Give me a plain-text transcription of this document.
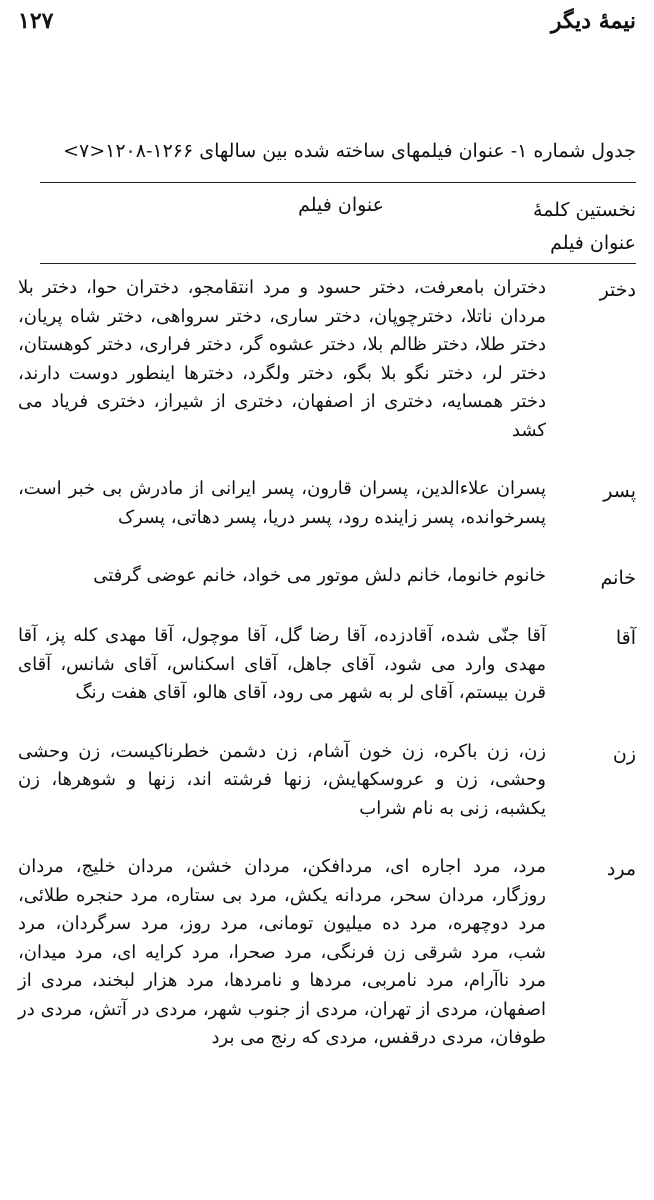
۱۲۷	نیمهٔ دیگر
جدول شماره ۱- عنوان فیلمهای ساخته شده بین سالهای ۱۲۶۶-۱۲۰۸<۷>
نخستین کلمهٔ عنوان فیلم
عنوان فیلم
دختر
دختران بامعرفت، دختر حسود و مرد انتقامجو، دختران حوا، دختر بلا مردان ناتلا، دخترچوپان، دختر ساری، دختر سرواهی، دختر شاه پریان، دختر طلا، دختر ظالم بلا، دختر عشوه گر، دختر فراری، دختر کوهستان، دختر لر، دختر نگو بلا بگو، دختر ولگرد، دخترها اینطور دوست دارند، دختر همسایه، دختری از اصفهان، دختری از شیراز، دختری فریاد می کشد
پسر
پسران علاءالدین، پسران قارون، پسر ایرانی از مادرش بی خبر است، پسرخوانده، پسر زاینده رود، پسر دریا، پسر دهاتی، پسرک
خانم
خانوم خانوما، خانم دلش موتور می خواد، خانم عوضی گرفتی
آقا
آقا جنّی شده، آقادزده، آقا رضا گل، آقا موچول، آقا مهدی کله پز، آقا مهدی وارد می شود، آقای جاهل، آقای اسکناس، آقای شانس، آقای قرن بیستم، آقای لر به شهر می رود، آقای هالو، آقای هفت رنگ
زن
زن، زن باکره، زن خون آشام، زن دشمن خطرناکیست، زن وحشی وحشی، زن و عروسکهایش، زنها فرشته اند، زنها و شوهرها، زن یکشبه، زنی به نام شراب
مرد
مرد، مرد اجاره ای، مردافکن، مردان خشن، مردان خلیج، مردان روزگار، مردان سحر، مردانه یکش، مرد بی ستاره، مرد حنجره طلائی، مرد دوچهره، مرد ده میلیون تومانی، مرد روز، مرد سرگردان، مرد شب، مرد شرقی زن فرنگی، مرد صحرا، مرد کرایه ای، مرد میدان، مرد ناآرام، مرد نامربی، مردها و نامردها، مرد هزار لبخند، مردی از اصفهان، مردی از تهران، مردی از جنوب شهر، مردی در آتش، مردی در طوفان، مردی درقفس، مردی که رنج می برد
